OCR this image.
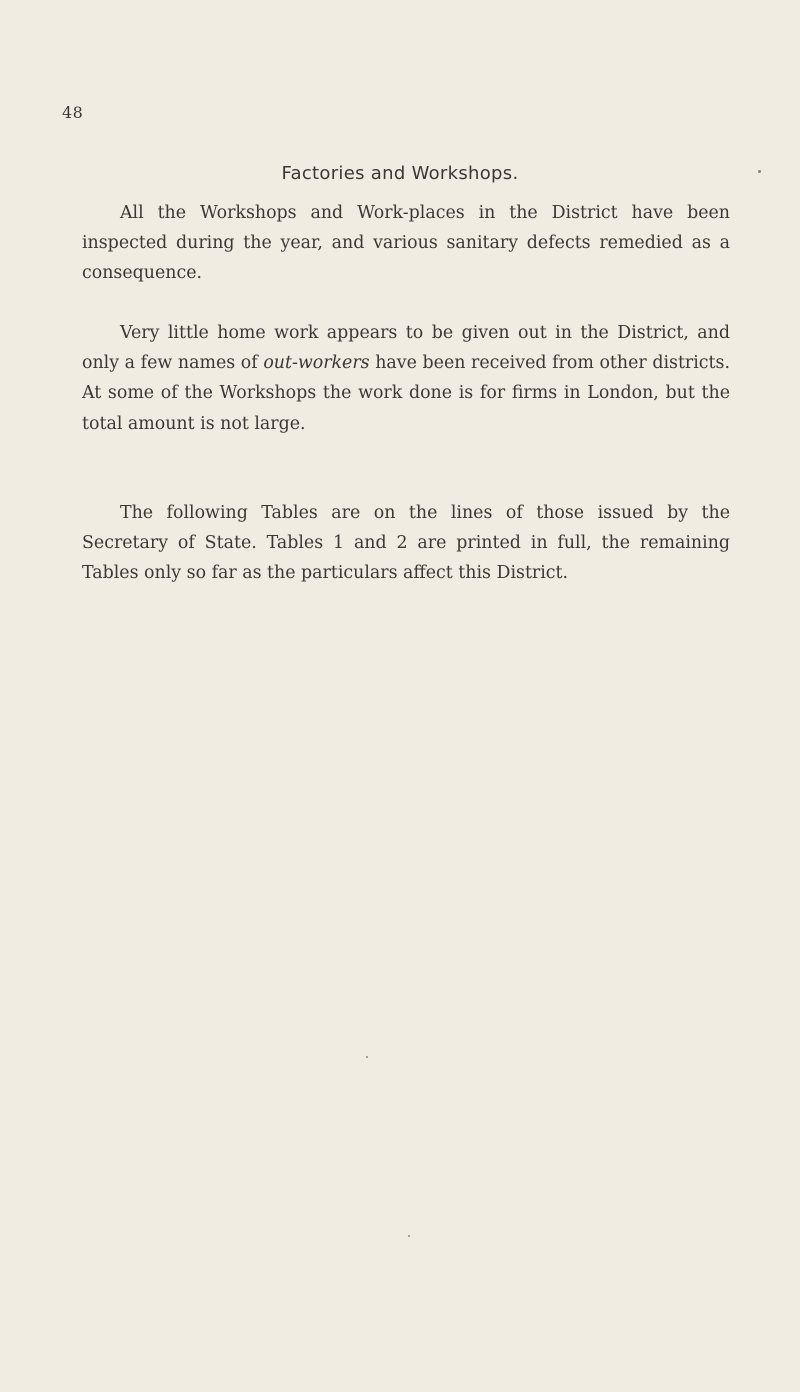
48
Factories and Workshops.

All the Workshops and Work-places in the District have been inspected during the year, and various sanitary defects remedied as a consequence.

Very little home work appears to be given out in the District, and only a few names of out-workers have been received from other districts. At some of the Workshops the work done is for firms in London, but the total amount is not large.

The following Tables are on the lines of those issued by the Secretary of State. Tables 1 and 2 are printed in full, the remaining Tables only so far as the particulars affect this District.
